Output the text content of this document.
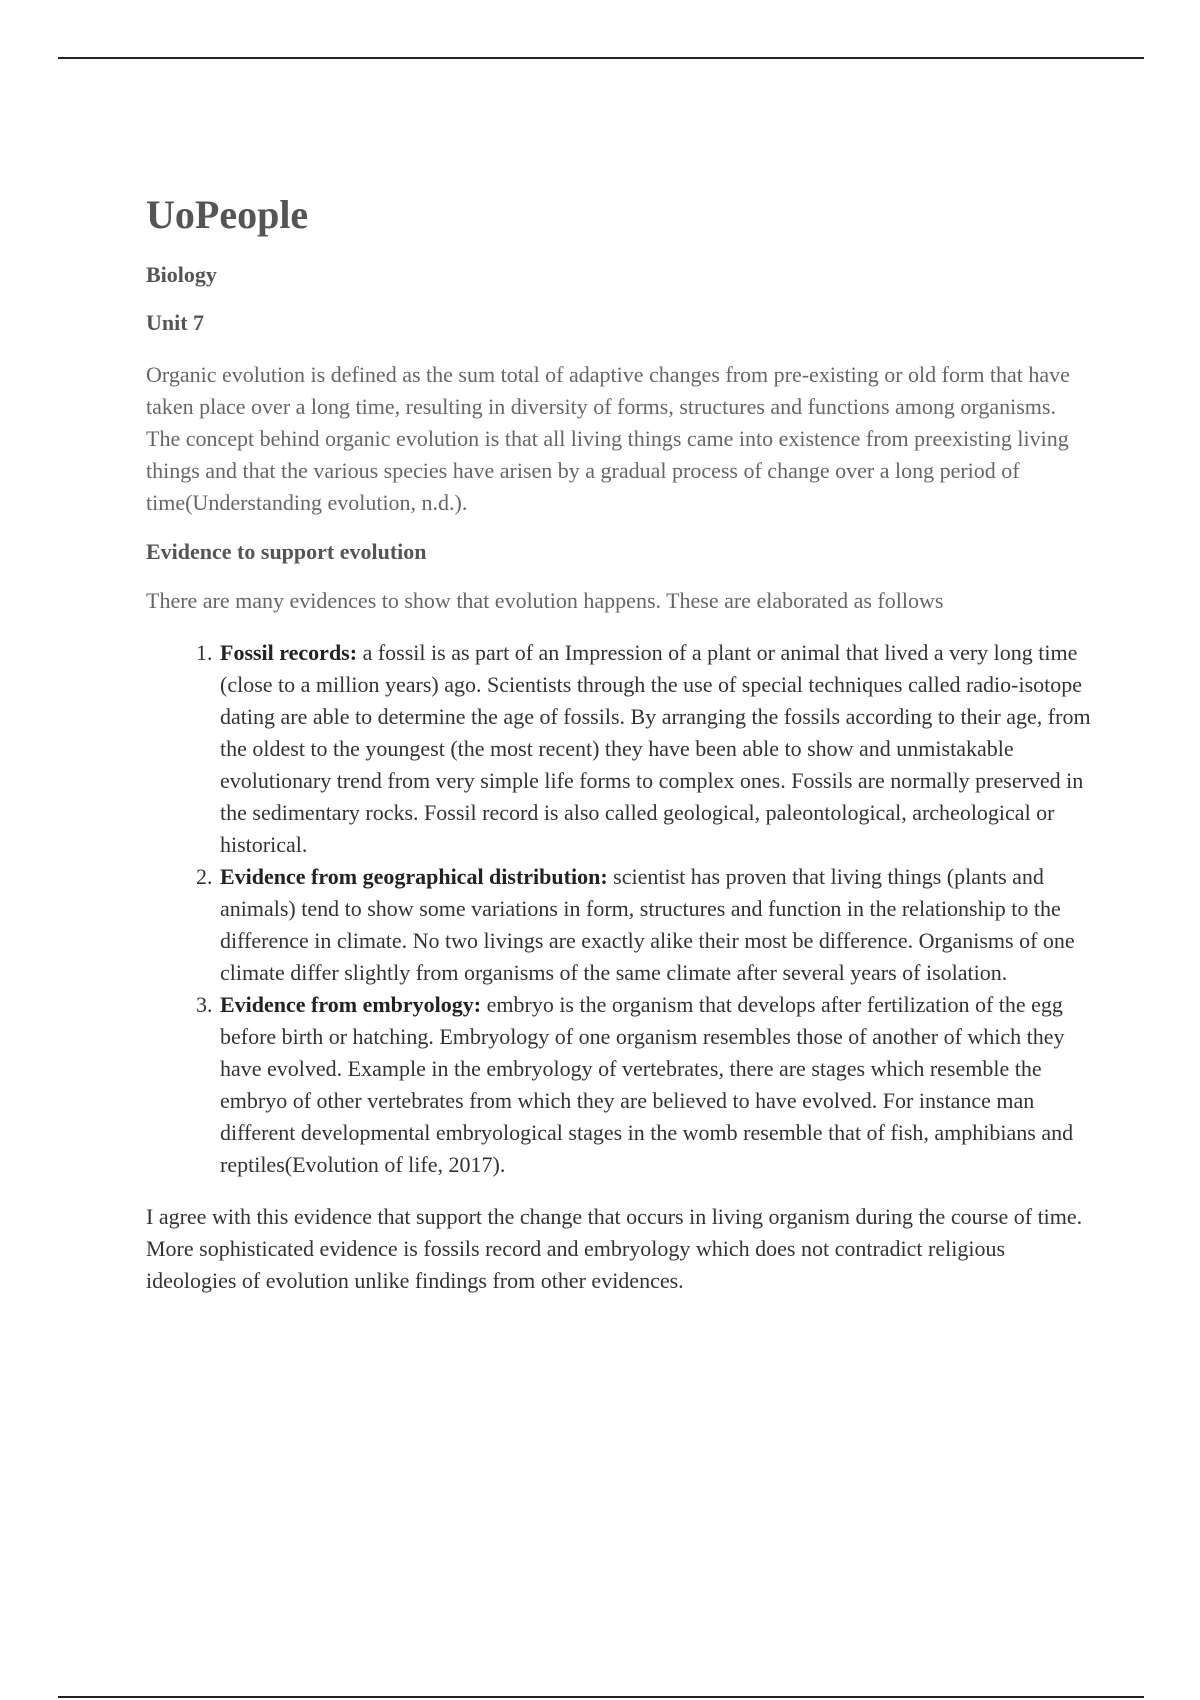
UoPeople
Biology
Unit 7

Organic evolution is defined as the sum total of adaptive changes from pre-existing or old form that have taken place over a long time, resulting in diversity of forms, structures and functions among organisms. The concept behind organic evolution is that all living things came into existence from preexisting living things and that the various species have arisen by a gradual process of change over a long period of time(Understanding evolution, n.d.).

Evidence to support evolution

There are many evidences to show that evolution happens. These are elaborated as follows

1. Fossil records: a fossil is as part of an Impression of a plant or animal that lived a very long time (close to a million years) ago. Scientists through the use of special techniques called radio-isotope dating are able to determine the age of fossils. By arranging the fossils according to their age, from the oldest to the youngest (the most recent) they have been able to show and unmistakable evolutionary trend from very simple life forms to complex ones. Fossils are normally preserved in the sedimentary rocks. Fossil record is also called geological, paleontological, archeological or historical.
2. Evidence from geographical distribution: scientist has proven that living things (plants and animals) tend to show some variations in form, structures and function in the relationship to the difference in climate. No two livings are exactly alike their most be difference. Organisms of one climate differ slightly from organisms of the same climate after several years of isolation.
3. Evidence from embryology: embryo is the organism that develops after fertilization of the egg before birth or hatching. Embryology of one organism resembles those of another of which they have evolved. Example in the embryology of vertebrates, there are stages which resemble the embryo of other vertebrates from which they are believed to have evolved. For instance man different developmental embryological stages in the womb resemble that of fish, amphibians and reptiles(Evolution of life, 2017).

I agree with this evidence that support the change that occurs in living organism during the course of time. More sophisticated evidence is fossils record and embryology which does not contradict religious ideologies of evolution unlike findings from other evidences.
